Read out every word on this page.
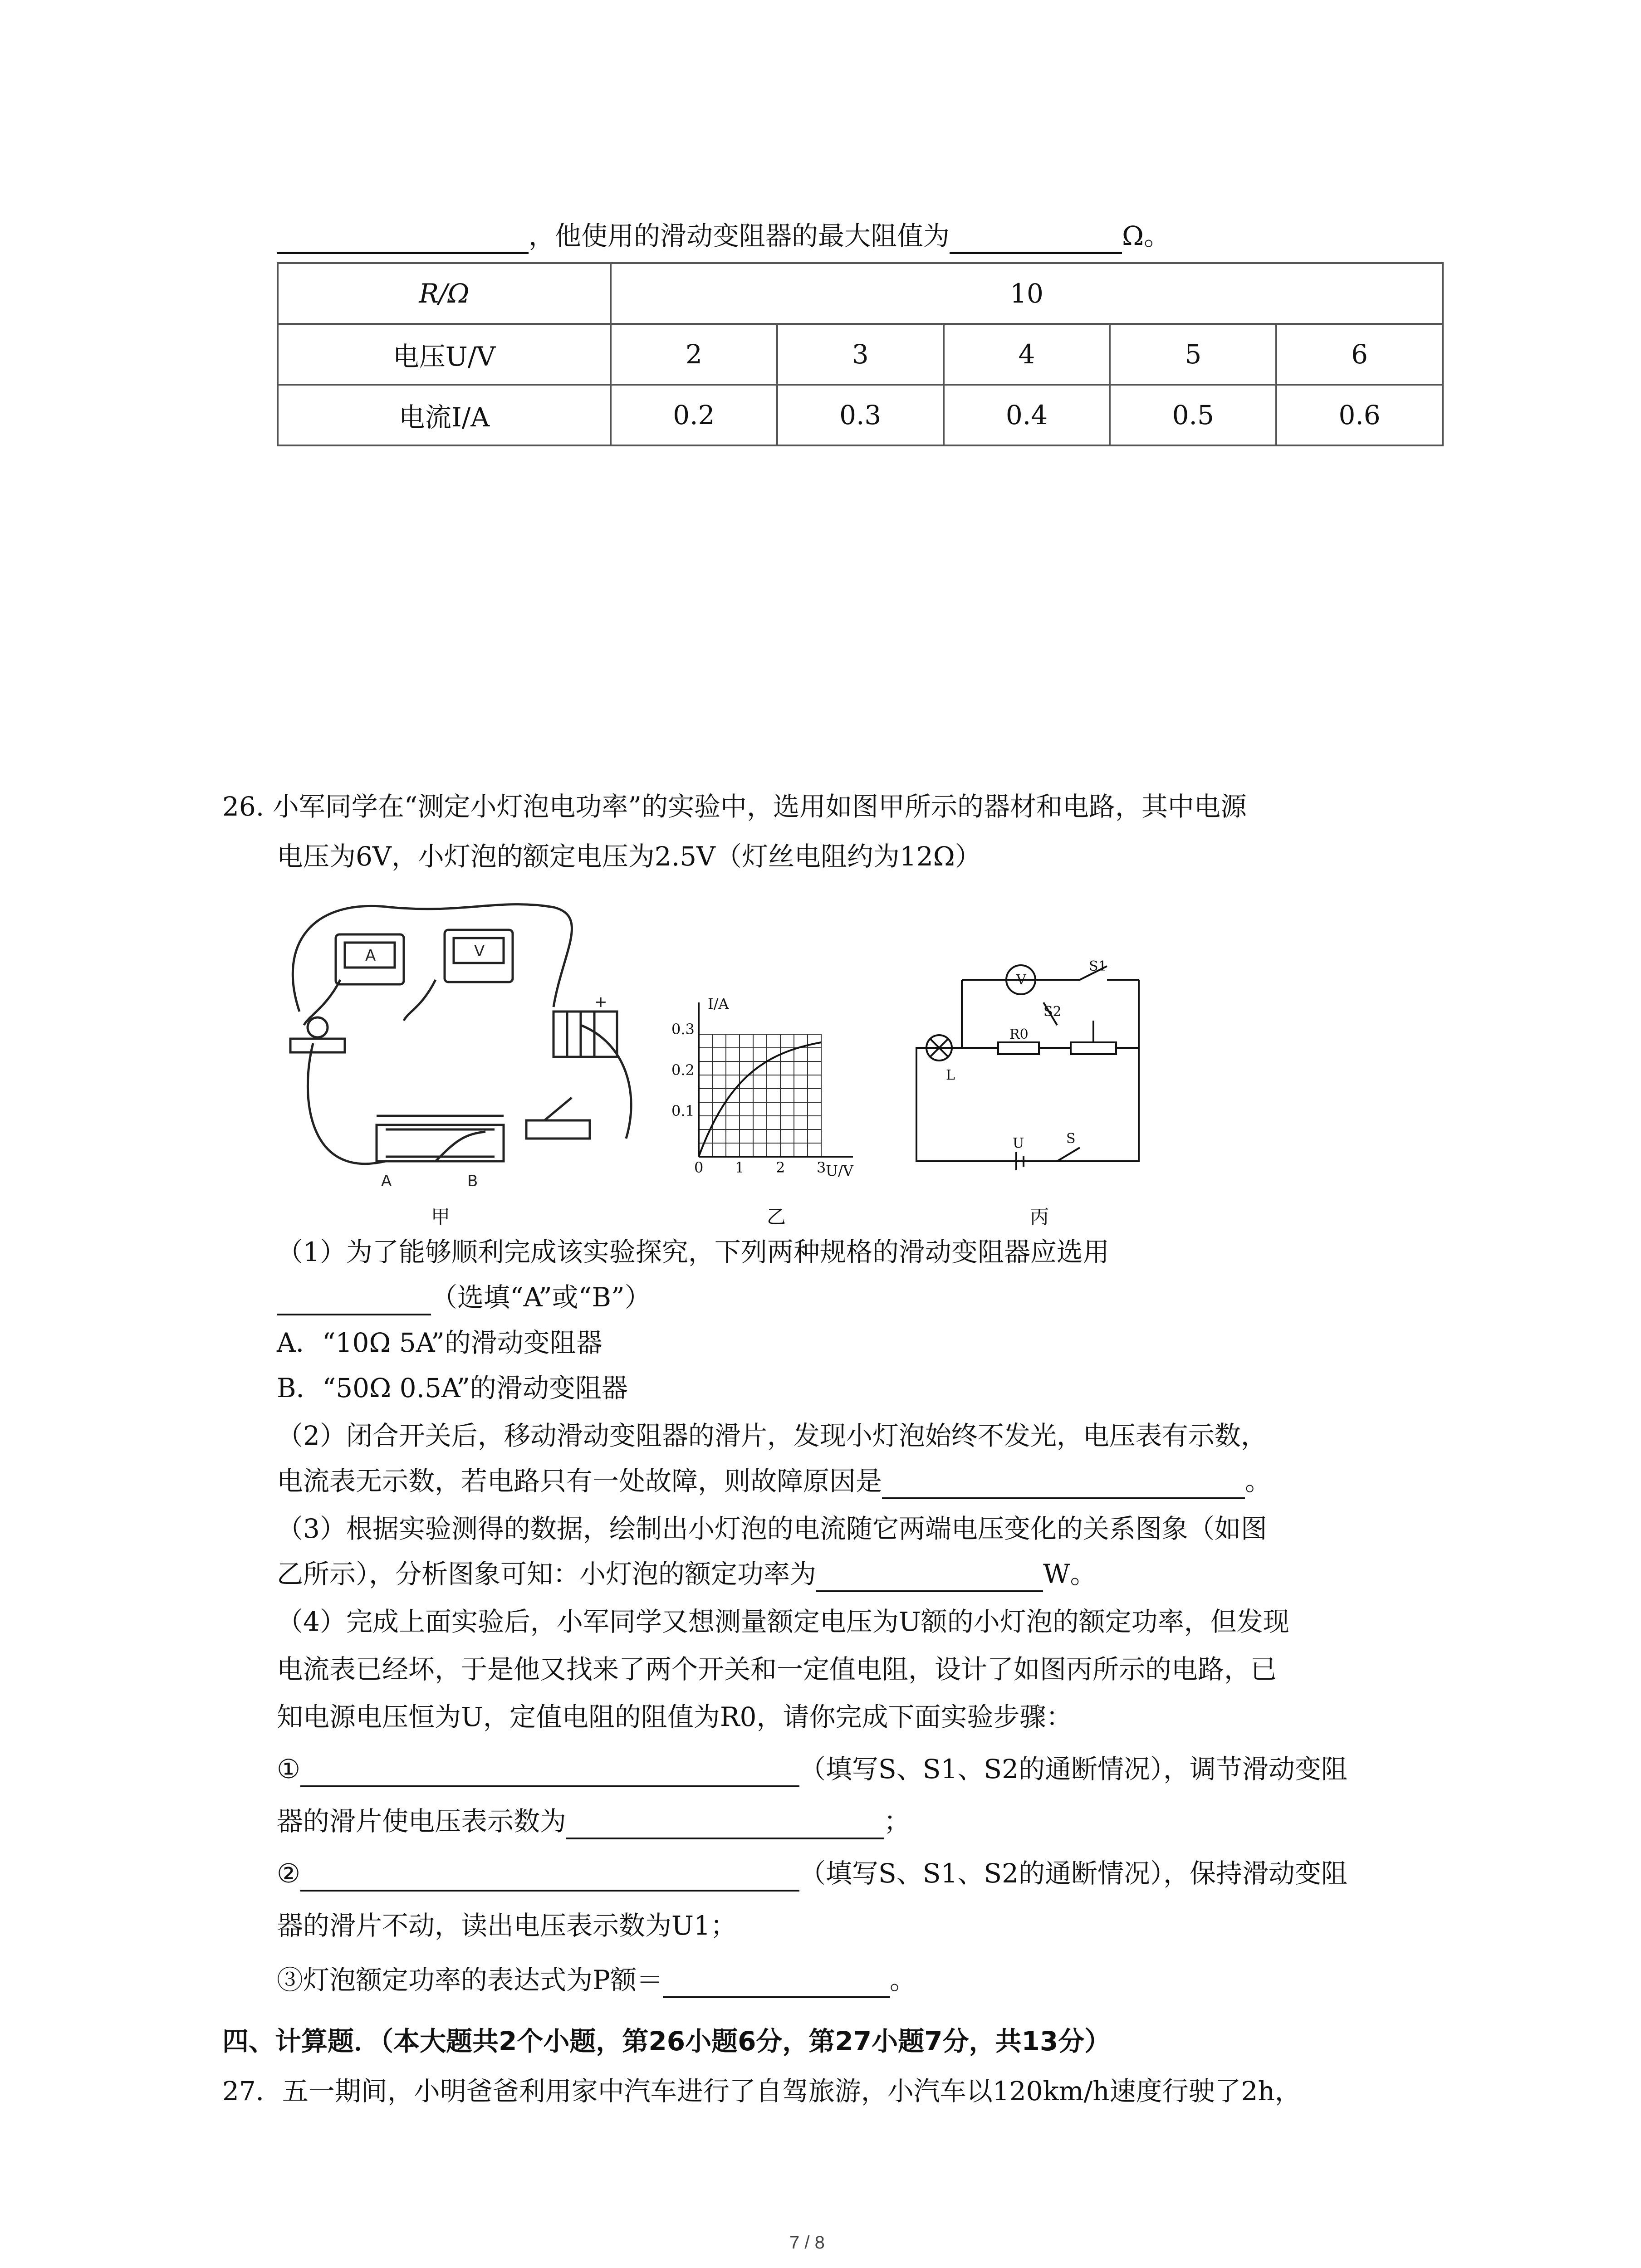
，他使用的滑动变阻器的最大阻值为	Ω。
R/Ω	10				
电压U/V	2	3	4	5	6
电流I/A	0.2	0.3	0.4	0.5	0.6
26. 小军同学在“测定小灯泡电功率”的实验中，选用如图甲所示的器材和电路，其中电源
电压为6V，小灯泡的额定电压为2.5V（灯丝电阻约为12Ω）
A	V
+
A	B
甲
I/A
U/V
0.3
0.2
0.1
0 1 2 3
乙
V
S1
S2
R0
L
U	S
丙
（1）为了能够顺利完成该实验探究，下列两种规格的滑动变阻器应选用
（选填“A”或“B”）
A．“10Ω 5A”的滑动变阻器
B．“50Ω 0.5A”的滑动变阻器
（2）闭合开关后，移动滑动变阻器的滑片，发现小灯泡始终不发光，电压表有示数，
电流表无示数，若电路只有一处故障，则故障原因是	。
（3）根据实验测得的数据，绘制出小灯泡的电流随它两端电压变化的关系图象（如图
乙所示），分析图象可知：小灯泡的额定功率为	W。
（4）完成上面实验后，小军同学又想测量额定电压为U额的小灯泡的额定功率，但发现
电流表已经坏，于是他又找来了两个开关和一定值电阻，设计了如图丙所示的电路，已
知电源电压恒为U，定值电阻的阻值为R0，请你完成下面实验步骤：
①	（填写S、S1、S2的通断情况），调节滑动变阻
器的滑片使电压表示数为	；
②	（填写S、S1、S2的通断情况），保持滑动变阻
器的滑片不动，读出电压表示数为U1；
③灯泡额定功率的表达式为P额＝	。
四、计算题．（本大题共2个小题，第26小题6分，第27小题7分，共13分）
27．五一期间，小明爸爸利用家中汽车进行了自驾旅游，小汽车以120km/h速度行驶了2h，
7 / 8
